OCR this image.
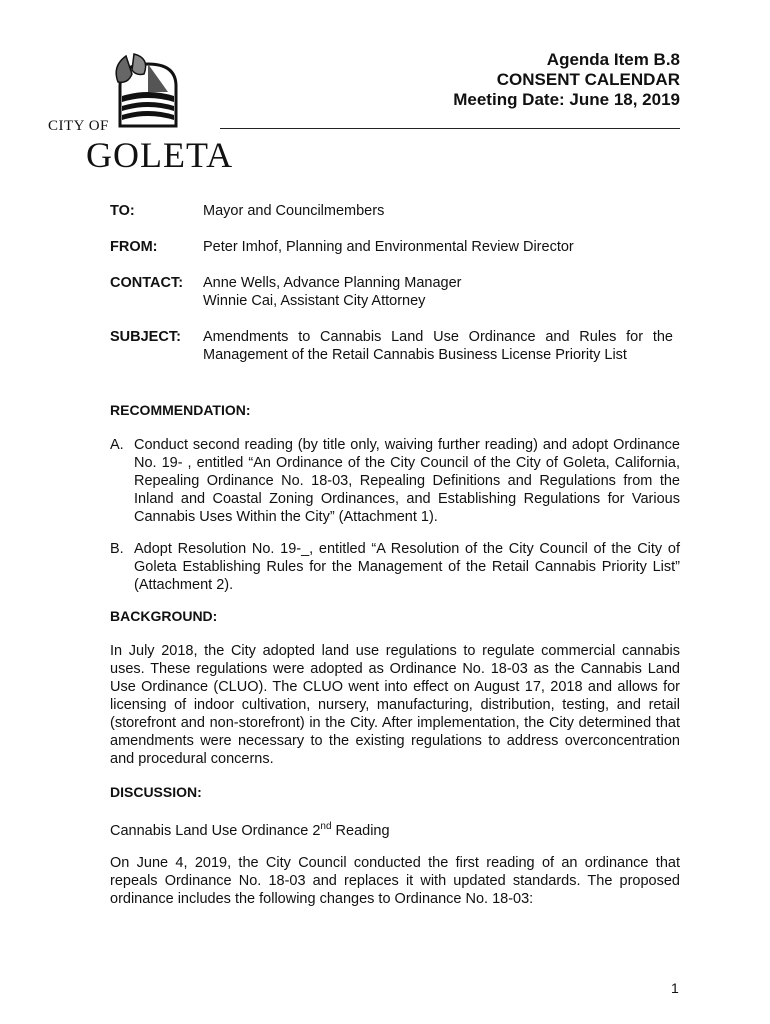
CITY OF
GOLETA
Agenda Item B.8
CONSENT CALENDAR
Meeting Date: June 18, 2019
TO:	Mayor and Councilmembers
FROM:	Peter Imhof, Planning and Environmental Review Director
CONTACT: Anne Wells, Advance Planning Manager
Winnie Cai, Assistant City Attorney
SUBJECT: Amendments to Cannabis Land Use Ordinance and Rules for the Management of the Retail Cannabis Business License Priority List
RECOMMENDATION:
A. Conduct second reading (by title only, waiving further reading) and adopt Ordinance No. 19- , entitled “An Ordinance of the City Council of the City of Goleta, California, Repealing Ordinance No. 18-03, Repealing Definitions and Regulations from the Inland and Coastal Zoning Ordinances, and Establishing Regulations for Various Cannabis Uses Within the City” (Attachment 1).
B. Adopt Resolution No. 19-_, entitled “A Resolution of the City Council of the City of Goleta Establishing Rules for the Management of the Retail Cannabis Priority List” (Attachment 2).
BACKGROUND:
In July 2018, the City adopted land use regulations to regulate commercial cannabis uses. These regulations were adopted as Ordinance No. 18-03 as the Cannabis Land Use Ordinance (CLUO). The CLUO went into effect on August 17, 2018 and allows for licensing of indoor cultivation, nursery, manufacturing, distribution, testing, and retail (storefront and non-storefront) in the City. After implementation, the City determined that amendments were necessary to the existing regulations to address overconcentration and procedural concerns.
DISCUSSION:
Cannabis Land Use Ordinance 2nd Reading
On June 4, 2019, the City Council conducted the first reading of an ordinance that repeals Ordinance No. 18-03 and replaces it with updated standards. The proposed ordinance includes the following changes to Ordinance No. 18-03:
1
